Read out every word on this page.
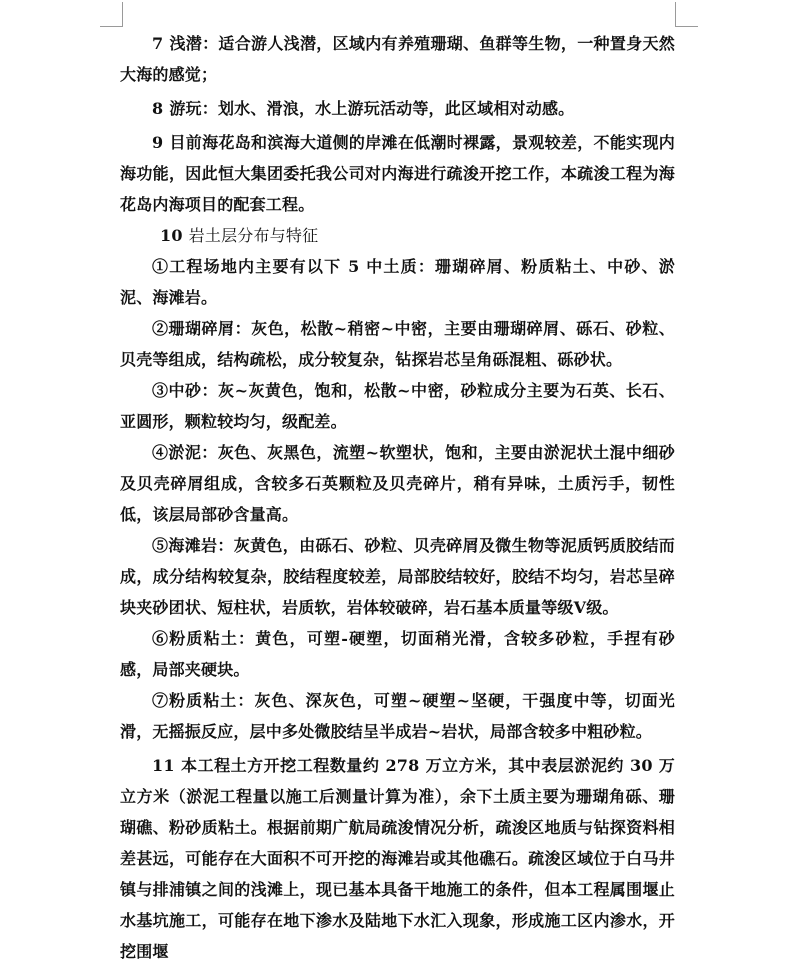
7 浅潜：适合游人浅潜，区域内有养殖珊瑚、鱼群等生物，一种置身天然大海的感觉；

8 游玩：划水、滑浪，水上游玩活动等，此区域相对动感。

9 目前海花岛和滨海大道侧的岸滩在低潮时裸露，景观较差，不能实现内海功能，因此恒大集团委托我公司对内海进行疏浚开挖工作，本疏浚工程为海花岛内海项目的配套工程。

10 岩土层分布与特征

①工程场地内主要有以下 5 中土质：珊瑚碎屑、粉质粘土、中砂、淤泥、海滩岩。

②珊瑚碎屑：灰色，松散~稍密~中密，主要由珊瑚碎屑、砾石、砂粒、贝壳等组成，结构疏松，成分较复杂，钻探岩芯呈角砾混粗、砾砂状。

③中砂：灰~灰黄色，饱和，松散~中密，砂粒成分主要为石英、长石、亚圆形，颗粒较均匀，级配差。

④淤泥：灰色、灰黑色，流塑~软塑状，饱和，主要由淤泥状土混中细砂及贝壳碎屑组成，含较多石英颗粒及贝壳碎片，稍有异味，土质污手，韧性低，该层局部砂含量高。

⑤海滩岩：灰黄色，由砾石、砂粒、贝壳碎屑及微生物等泥质钙质胶结而成，成分结构较复杂，胶结程度较差，局部胶结较好，胶结不均匀，岩芯呈碎块夹砂团状、短柱状，岩质软，岩体较破碎，岩石基本质量等级Ⅴ级。

⑥粉质粘土：黄色，可塑-硬塑，切面稍光滑，含较多砂粒，手捏有砂感，局部夹硬块。

⑦粉质粘土：灰色、深灰色，可塑~硬塑~坚硬，干强度中等，切面光滑，无摇振反应，层中多处微胶结呈半成岩~岩状，局部含较多中粗砂粒。

11 本工程土方开挖工程数量约 278 万立方米，其中表层淤泥约 30 万立方米（淤泥工程量以施工后测量计算为准），余下土质主要为珊瑚角砾、珊瑚礁、粉砂质粘土。根据前期广航局疏浚情况分析，疏浚区地质与钻探资料相差甚远，可能存在大面积不可开挖的海滩岩或其他礁石。疏浚区域位于白马井镇与排浦镇之间的浅滩上，现已基本具备干地施工的条件，但本工程属围堰止水基坑施工，可能存在地下渗水及陆地下水汇入现象，形成施工区内渗水，开挖围堰
